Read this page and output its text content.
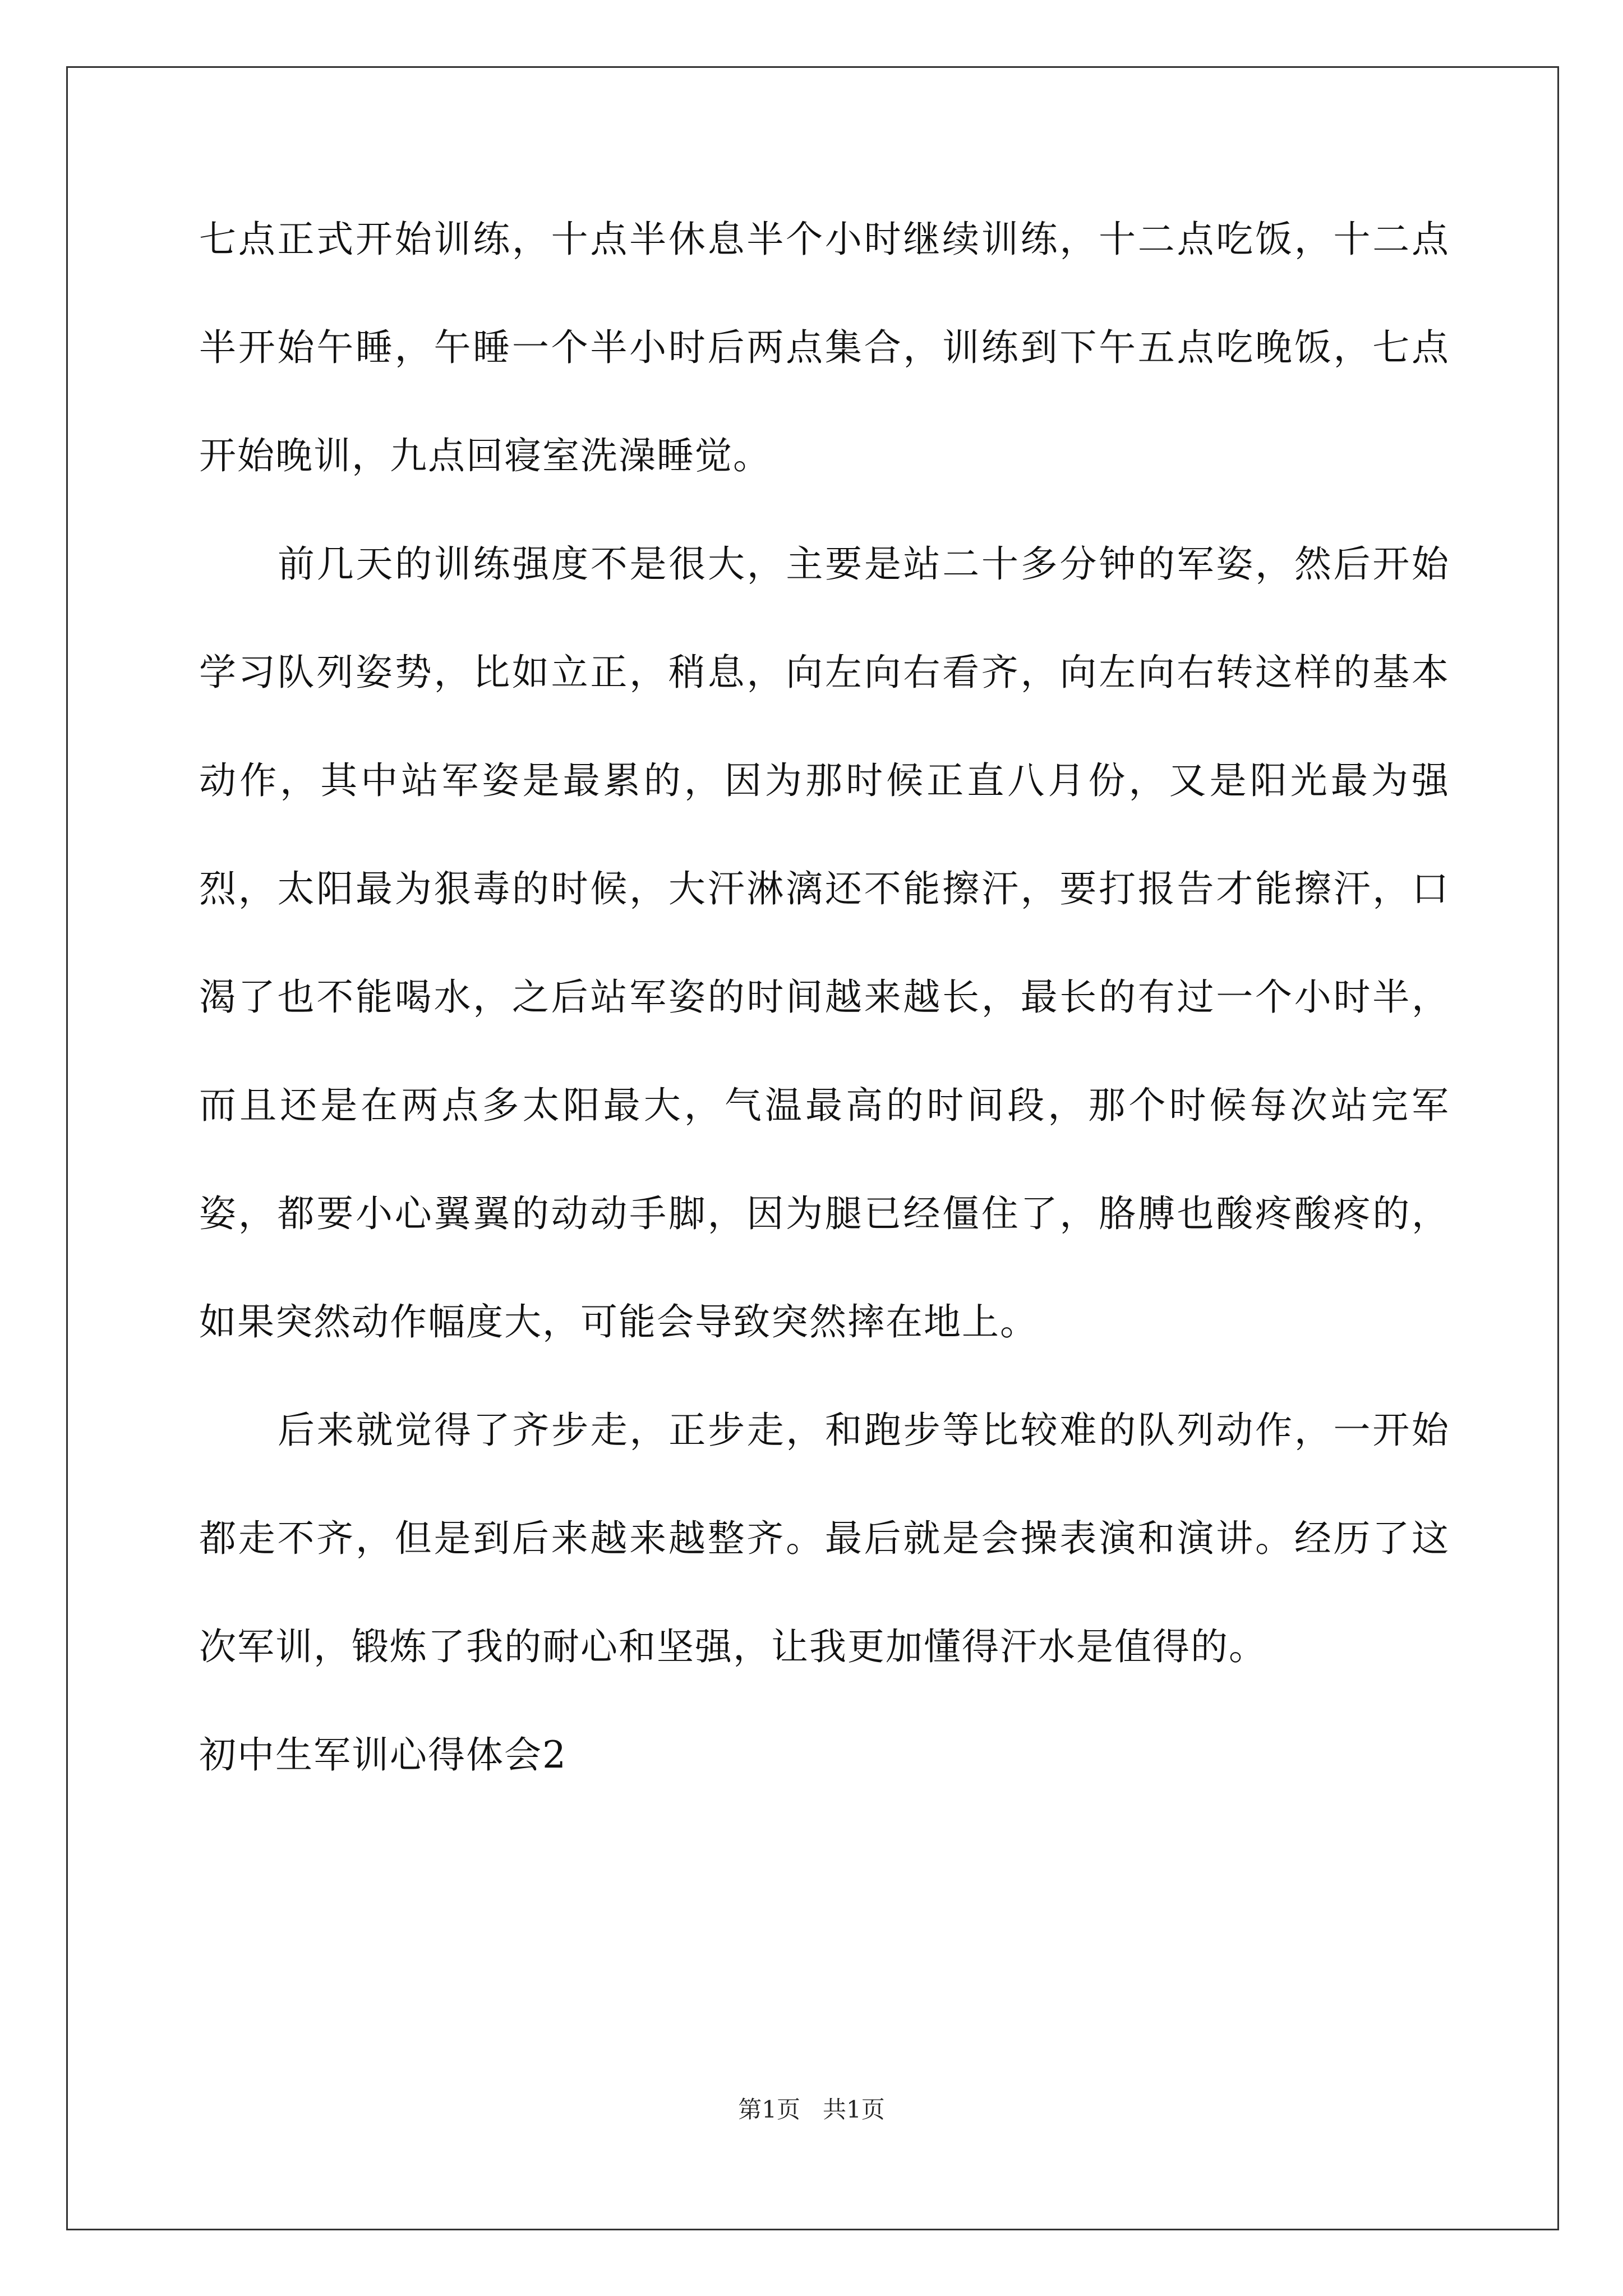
七点正式开始训练，十点半休息半个小时继续训练，十二点吃饭，十二点半开始午睡，午睡一个半小时后两点集合，训练到下午五点吃晚饭，七点开始晚训，九点回寝室洗澡睡觉。

前几天的训练强度不是很大，主要是站二十多分钟的军姿，然后开始学习队列姿势，比如立正，稍息，向左向右看齐，向左向右转这样的基本动作，其中站军姿是最累的，因为那时候正直八月份，又是阳光最为强烈，太阳最为狠毒的时候，大汗淋漓还不能擦汗，要打报告才能擦汗，口渴了也不能喝水，之后站军姿的时间越来越长，最长的有过一个小时半，而且还是在两点多太阳最大，气温最高的时间段，那个时候每次站完军姿，都要小心翼翼的动动手脚，因为腿已经僵住了，胳膊也酸疼酸疼的，如果突然动作幅度大，可能会导致突然摔在地上。

后来就觉得了齐步走，正步走，和跑步等比较难的队列动作，一开始都走不齐，但是到后来越来越整齐。最后就是会操表演和演讲。经历了这次军训，锻炼了我的耐心和坚强，让我更加懂得汗水是值得的。

初中生军训心得体会2

第1页 共1页
